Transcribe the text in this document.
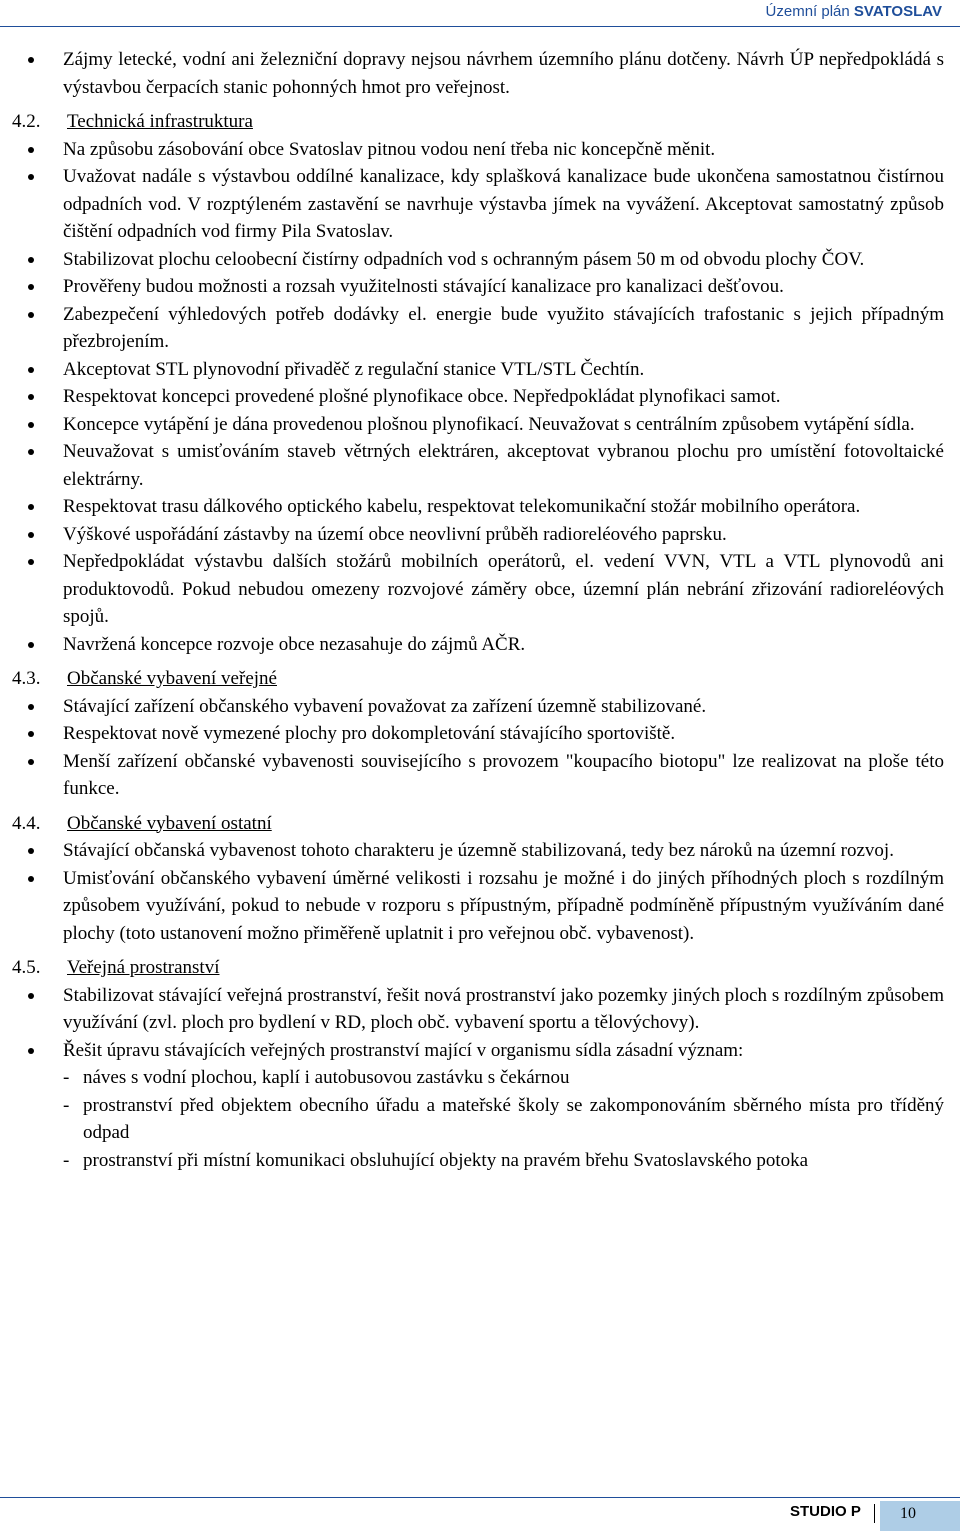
Územní plán SVATOSLAV
Zájmy letecké, vodní ani železniční dopravy nejsou návrhem územního plánu dotčeny. Návrh ÚP nepředpokládá s výstavbou čerpacích stanic pohonných hmot pro veřejnost.
4.2. Technická infrastruktura
Na způsobu zásobování obce Svatoslav pitnou vodou není třeba nic koncepčně měnit.
Uvažovat nadále s výstavbou oddílné kanalizace, kdy splašková kanalizace bude ukončena samostatnou čistírnou odpadních vod. V rozptýleném zastavění se navrhuje výstavba jímek na vyvážení. Akceptovat samostatný způsob čištění odpadních vod firmy Pila Svatoslav.
Stabilizovat plochu celoobecní čistírny odpadních vod s ochranným pásem 50 m od obvodu plochy ČOV.
Prověřeny budou možnosti a rozsah využitelnosti stávající kanalizace pro kanalizaci dešťovou.
Zabezpečení výhledových potřeb dodávky el. energie bude využito stávajících trafostanic s jejich případným přezbrojením.
Akceptovat STL plynovodní přivaděč z regulační stanice VTL/STL Čechtín.
Respektovat koncepci provedené plošné plynofikace obce. Nepředpokládat plynofikaci samot.
Koncepce vytápění je dána provedenou plošnou plynofikací. Neuvažovat s centrálním způsobem vytápění sídla.
Neuvažovat s umisťováním staveb větrných elektráren, akceptovat vybranou plochu pro umístění fotovoltaické elektrárny.
Respektovat trasu dálkového optického kabelu, respektovat telekomunikační stožár mobilního operátora.
Výškové uspořádání zástavby na území obce neovlivní průběh radioreléového paprsku.
Nepředpokládat výstavbu dalších stožárů mobilních operátorů, el. vedení VVN, VTL a VTL plynovodů ani produktovodů. Pokud nebudou omezeny rozvojové záměry obce, územní plán nebrání zřizování radioreléových spojů.
Navržená koncepce rozvoje obce nezasahuje do zájmů AČR.
4.3. Občanské vybavení veřejné
Stávající zařízení občanského vybavení považovat za zařízení územně stabilizované.
Respektovat nově vymezené plochy pro dokompletování stávajícího sportoviště.
Menší zařízení občanské vybavenosti souvisejícího s provozem "koupacího biotopu" lze realizovat na ploše této funkce.
4.4. Občanské vybavení ostatní
Stávající občanská vybavenost tohoto charakteru je územně stabilizovaná, tedy bez nároků na územní rozvoj.
Umisťování občanského vybavení úměrné velikosti i rozsahu je možné i do jiných příhodných ploch s rozdílným způsobem využívání, pokud to nebude v rozporu s přípustným, případně podmíněně přípustným využíváním dané plochy (toto ustanovení možno přiměřeně uplatnit i pro veřejnou obč. vybavenost).
4.5. Veřejná prostranství
Stabilizovat stávající veřejná prostranství, řešit nová prostranství jako pozemky jiných ploch s rozdílným způsobem využívání (zvl. ploch pro bydlení v RD, ploch obč. vybavení sportu a tělovýchovy).
Řešit úpravu stávajících veřejných prostranství mající v organismu sídla zásadní význam:
- náves s vodní plochou, kaplí i autobusovou zastávku s čekárnou
- prostranství před objektem obecního úřadu a mateřské školy se zakomponováním sběrného místa pro tříděný odpad
- prostranství při místní komunikaci obsluhující objekty na pravém břehu Svatoslavského potoka
STUDIO P 10
